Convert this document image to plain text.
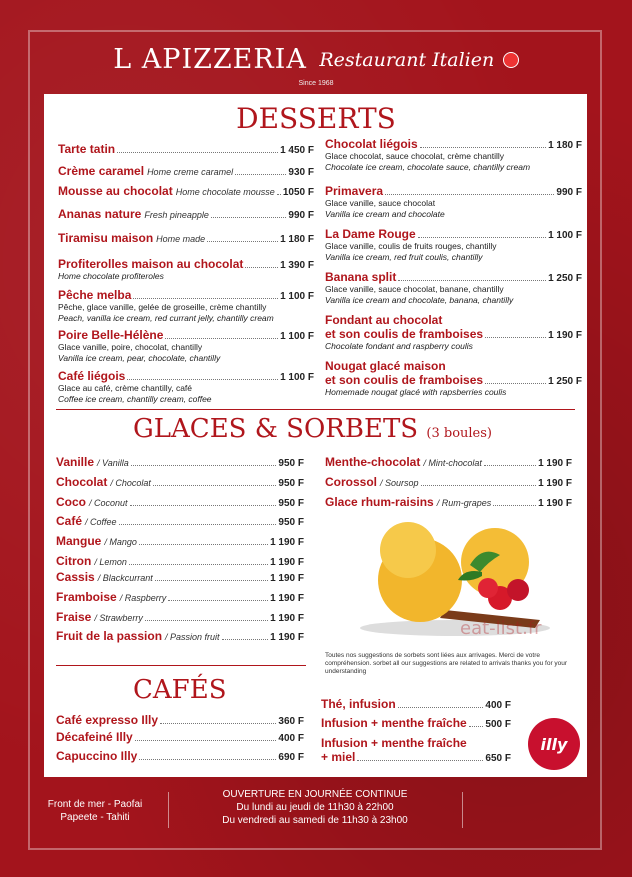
L APIZZERIA Restaurant Italien
Since 1968
DESSERTS
Tarte tatin	1 450 F
Crème caramel Home creme caramel	930 F
Mousse au chocolat Home chocolate mousse 1050 F
Ananas nature Fresh pineapple	990 F
Tiramisu maison Home made	1 180 F
Profiterolles maison au chocolat	1 390 F
Home chocolate profiteroles
Pêche melba	1 100 F
Pêche, glace vanille, gelée de groseille, crème chantilly
Peach, vanilla ice cream, red currant jelly, chantilly cream
Poire Belle-Hélène	1 100 F
Glace vanille, poire, chocolat, chantilly
Vanilla ice cream, pear, chocolate, chantilly
Café liégois	1 100 F
Glace au café, crème chantilly, café
Coffee ice cream, chantilly cream, coffee
Chocolat liégois	1 180 F
Glace chocolat, sauce chocolat, crème chantilly
Chocolate ice cream, chocolate sauce, chantilly cream
Primavera	990 F
Glace vanille, sauce chocolat
Vanilla ice cream and chocolate
La Dame Rouge	1 100 F
Glace vanille, coulis de fruits rouges, chantilly
Vanilla ice cream, red fruit coulis, chantilly
Banana split	1 250 F
Glace vanille, sauce chocolat, banane, chantilly
Vanilla ice cream and chocolate, banana, chantilly
Fondant au chocolat
et son coulis de framboises	1 190 F
Chocolate fondant and raspberry coulis
Nougat glacé maison
et son coulis de framboises	1 250 F
Homemade nougat glacé with rapsberries coulis
GLACES & SORBETS (3 boules)
Vanille / Vanilla	950 F
Chocolat / Chocolat	950 F
Coco / Coconut	950 F
Café / Coffee	950 F
Mangue / Mango	1 190 F
Citron / Lemon	1 190 F
Cassis / Blackcurrant	1 190 F
Framboise / Raspberry	1 190 F
Fraise / Strawberry	1 190 F
Fruit de la passion / Passion fruit	1 190 F
Menthe-chocolat / Mint-chocolat	1 190 F
Corossol / Soursop	1 190 F
Glace rhum-raisins / Rum-grapes	1 190 F
eat-list.fr
Toutes nos suggestions de sorbets sont liées aux arrivages. Merci de votre compréhension. sorbet all our suggestions are related to arrivals thanks you for your understanding
CAFÉS
Café expresso Illy	360 F
Décafeiné Illy	400 F
Capuccino Illy	690 F
Thé, infusion	400 F
Infusion + menthe fraîche 500 F
Infusion + menthe fraîche
+ miel	650 F
illy
Front de mer - Paofai
Papeete - Tahiti
OUVERTURE EN JOURNÉE CONTINUE
Du lundi au jeudi de 11h30 à 22h00
Du vendredi au samedi de 11h30 à 23h00
